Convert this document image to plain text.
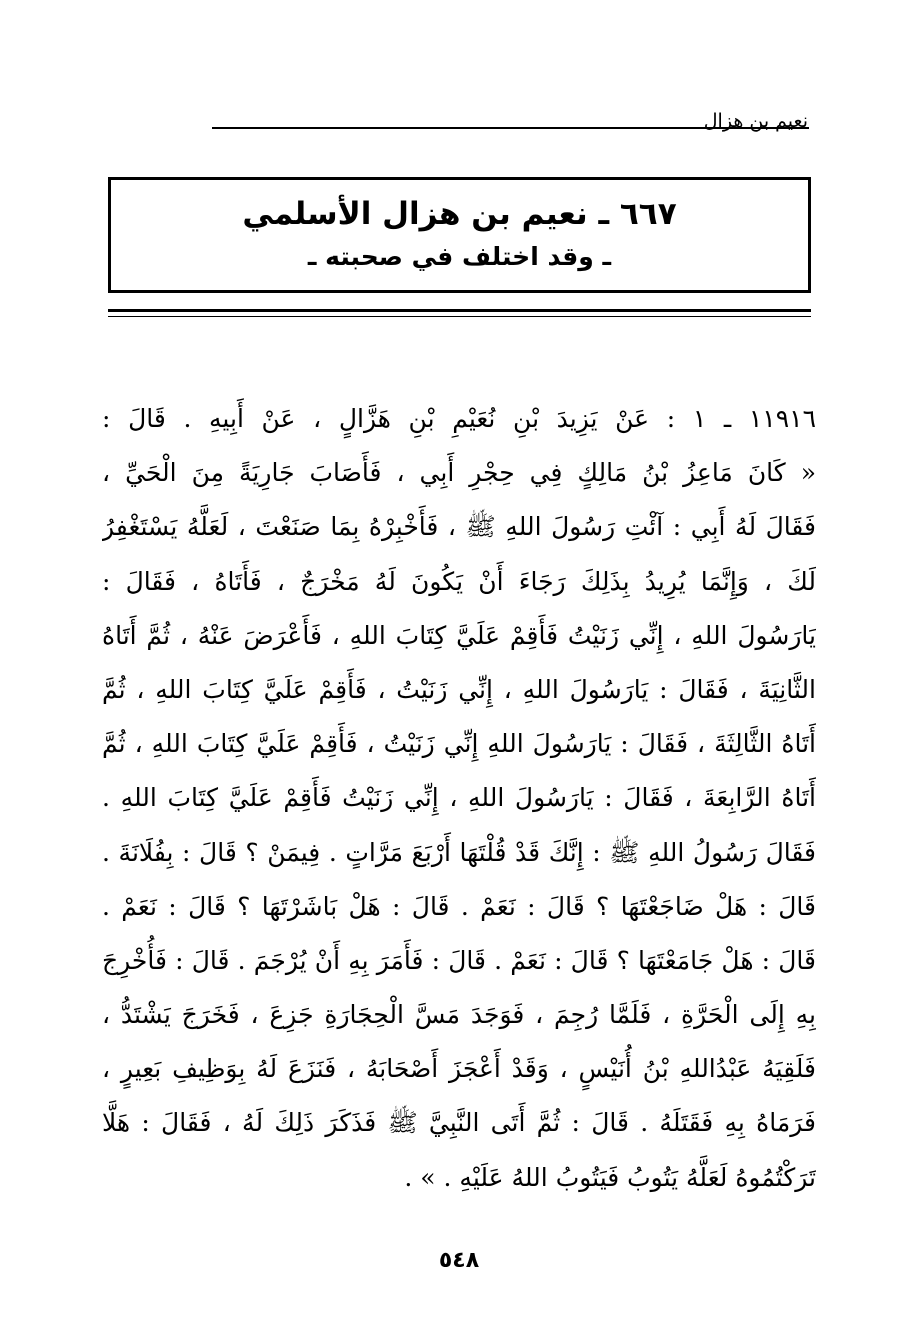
نعيم بن هزال
٦٦٧ ـ نعيم بن هزال الأسلمي
ـ وقد اختلف في صحبته ـ
١١٩١٦ ـ ١ : عَنْ يَزِيدَ بْنِ نُعَيْمِ بْنِ هَزَّالٍ ، عَنْ أَبِيهِ . قَالَ :
« كَانَ مَاعِزُ بْنُ مَالِكٍ فِي حِجْرِ أَبِي ، فَأَصَابَ جَارِيَةً مِنَ الْحَيِّ ،
فَقَالَ لَهُ أَبِي : آئْتِ رَسُولَ اللهِ ﷺ ، فَأَخْبِرْهُ بِمَا صَنَعْتَ ، لَعَلَّهُ يَسْتَغْفِرُ
لَكَ ، وَإِنَّمَا يُرِيدُ بِذَلِكَ رَجَاءَ أَنْ يَكُونَ لَهُ مَخْرَجٌ ، فَأَتَاهُ ، فَقَالَ :
يَارَسُولَ اللهِ ، إِنِّي زَنَيْتُ فَأَقِمْ عَلَيَّ كِتَابَ اللهِ ، فَأَعْرَضَ عَنْهُ ، ثُمَّ أَتَاهُ
الثَّانِيَةَ ، فَقَالَ : يَارَسُولَ اللهِ ، إِنِّي زَنَيْتُ ، فَأَقِمْ عَلَيَّ كِتَابَ اللهِ ، ثُمَّ
أَتَاهُ الثَّالِثَةَ ، فَقَالَ : يَارَسُولَ اللهِ إِنِّي زَنَيْتُ ، فَأَقِمْ عَلَيَّ كِتَابَ اللهِ ، ثُمَّ
أَتَاهُ الرَّابِعَةَ ، فَقَالَ : يَارَسُولَ اللهِ ، إِنِّي زَنَيْتُ فَأَقِمْ عَلَيَّ كِتَابَ اللهِ .
فَقَالَ رَسُولُ اللهِ ﷺ : إِنَّكَ قَدْ قُلْتَهَا أَرْبَعَ مَرَّاتٍ . فِيمَنْ ؟ قَالَ : بِفُلَانَةَ .
قَالَ : هَلْ ضَاجَعْتَهَا ؟ قَالَ : نَعَمْ . قَالَ : هَلْ بَاشَرْتَهَا ؟ قَالَ : نَعَمْ .
قَالَ : هَلْ جَامَعْتَهَا ؟ قَالَ : نَعَمْ . قَالَ : فَأَمَرَ بِهِ أَنْ يُرْجَمَ . قَالَ : فَأُخْرِجَ
بِهِ إِلَى الْحَرَّةِ ، فَلَمَّا رُجِمَ ، فَوَجَدَ مَسَّ الْحِجَارَةِ جَزِعَ ، فَخَرَجَ يَشْتَدُّ ،
فَلَقِيَهُ عَبْدُاللهِ بْنُ أُنَيْسٍ ، وَقَدْ أَعْجَزَ أَصْحَابَهُ ، فَنَزَعَ لَهُ بِوَظِيفِ بَعِيرٍ ،
فَرَمَاهُ بِهِ فَقَتَلَهُ . قَالَ : ثُمَّ أَتَى النَّبِيَّ ﷺ فَذَكَرَ ذَلِكَ لَهُ ، فَقَالَ : هَلَّا
تَرَكْتُمُوهُ لَعَلَّهُ يَتُوبُ فَيَتُوبُ اللهُ عَلَيْهِ . » .
٥٤٨
